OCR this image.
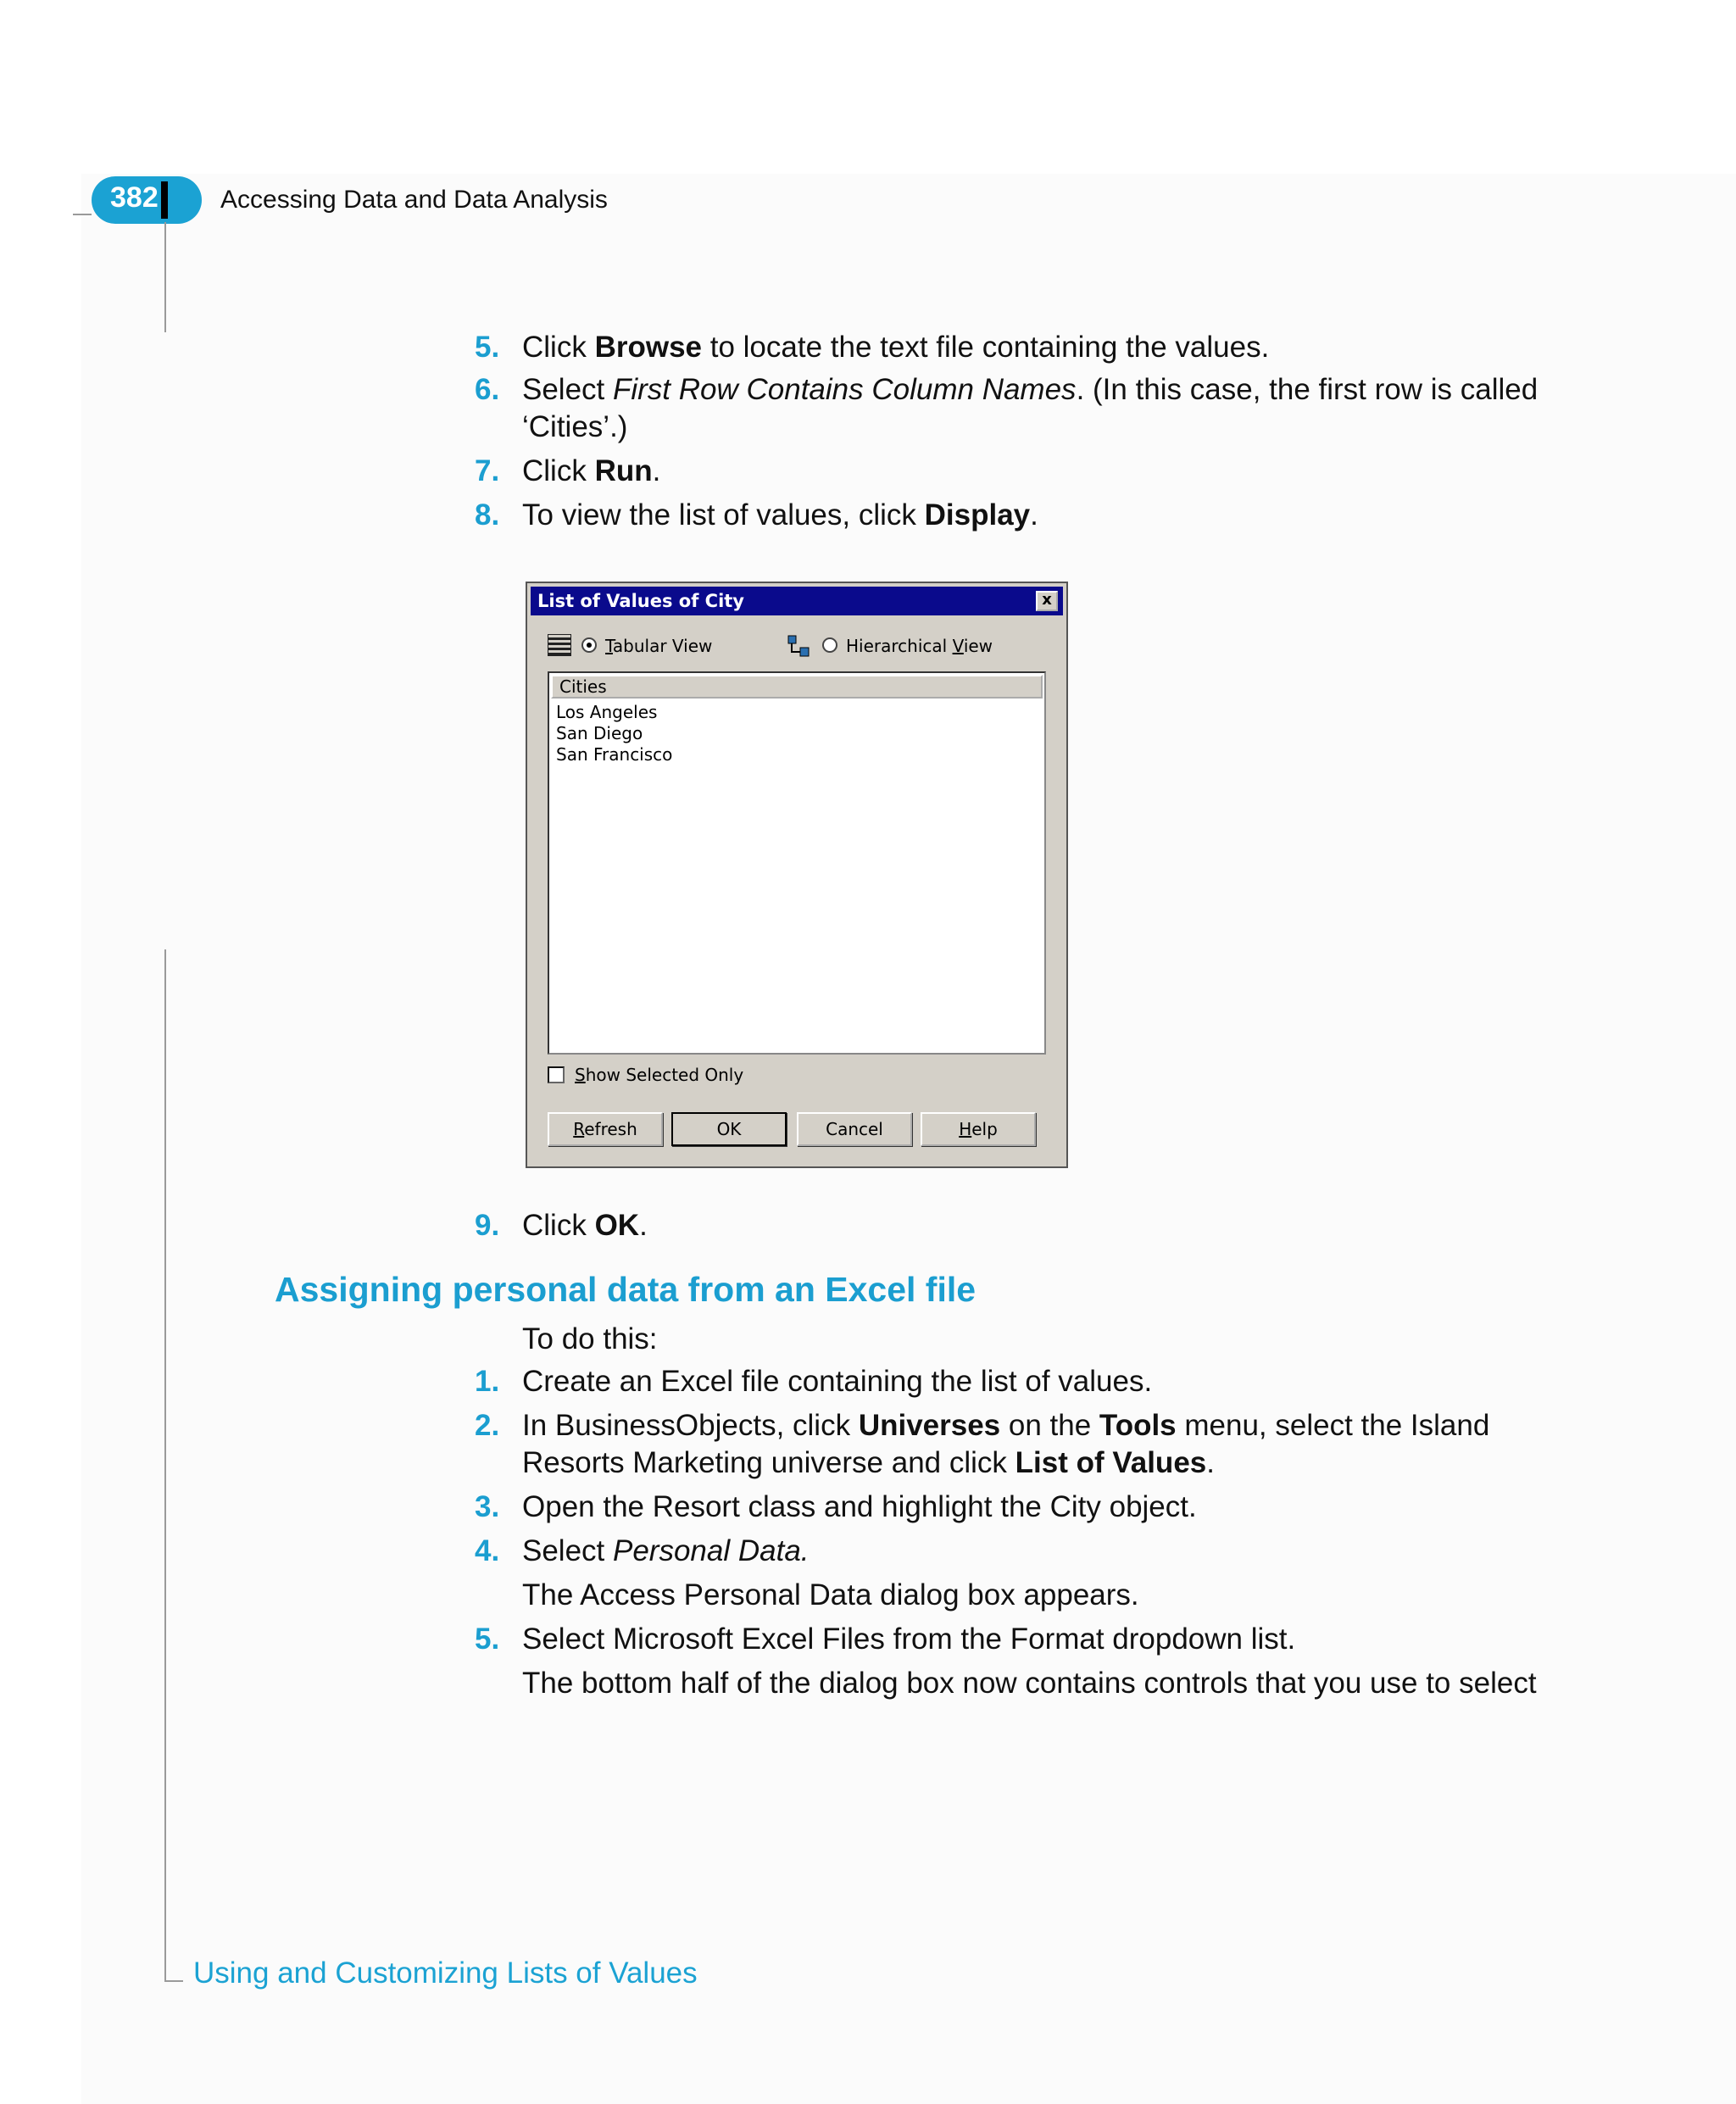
382 Accessing Data and Data Analysis
5. Click Browse to locate the text file containing the values.
6. Select First Row Contains Column Names. (In this case, the first row is called ‘Cities’.)
7. Click Run.
8. To view the list of values, click Display.
List of Values of City	x
Tabular View	Hierarchical View
Cities
Los Angeles
San Diego
San Francisco
Show Selected Only
Refresh	OK	Cancel	Help
9. Click OK.
Assigning personal data from an Excel file
To do this:
1. Create an Excel file containing the list of values.
2. In BusinessObjects, click Universes on the Tools menu, select the Island Resorts Marketing universe and click List of Values.
3. Open the Resort class and highlight the City object.
4. Select Personal Data.
The Access Personal Data dialog box appears.
5. Select Microsoft Excel Files from the Format dropdown list.
The bottom half of the dialog box now contains controls that you use to select
Using and Customizing Lists of Values
